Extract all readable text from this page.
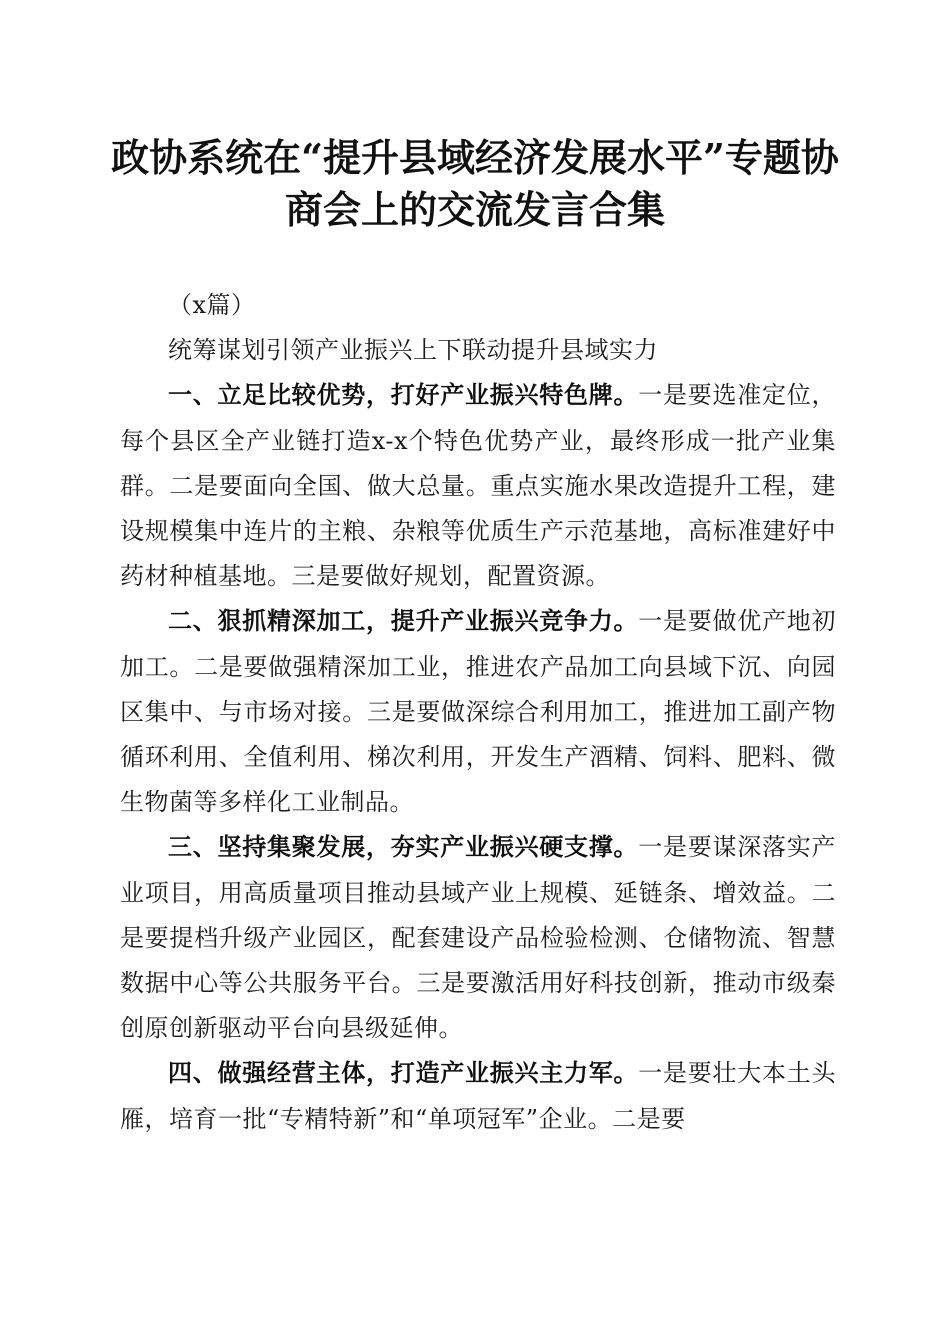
政协系统在“提升县域经济发展水平”专题协
商会上的交流发言合集

（x篇）

统筹谋划引领产业振兴上下联动提升县域实力

一、立足比较优势，打好产业振兴特色牌。一是要选准定位，每个县区全产业链打造x-x个特色优势产业，最终形成一批产业集群。二是要面向全国、做大总量。重点实施水果改造提升工程，建设规模集中连片的主粮、杂粮等优质生产示范基地，高标准建好中药材种植基地。三是要做好规划，配置资源。

二、狠抓精深加工，提升产业振兴竞争力。一是要做优产地初加工。二是要做强精深加工业，推进农产品加工向县域下沉、向园区集中、与市场对接。三是要做深综合利用加工，推进加工副产物循环利用、全值利用、梯次利用，开发生产酒精、饲料、肥料、微生物菌等多样化工业制品。

三、坚持集聚发展，夯实产业振兴硬支撑。一是要谋深落实产业项目，用高质量项目推动县域产业上规模、延链条、增效益。二是要提档升级产业园区，配套建设产品检验检测、仓储物流、智慧数据中心等公共服务平台。三是要激活用好科技创新，推动市级秦创原创新驱动平台向县级延伸。

四、做强经营主体，打造产业振兴主力军。一是要壮大本土头雁，培育一批“专精特新”和“单项冠军”企业。二是要
